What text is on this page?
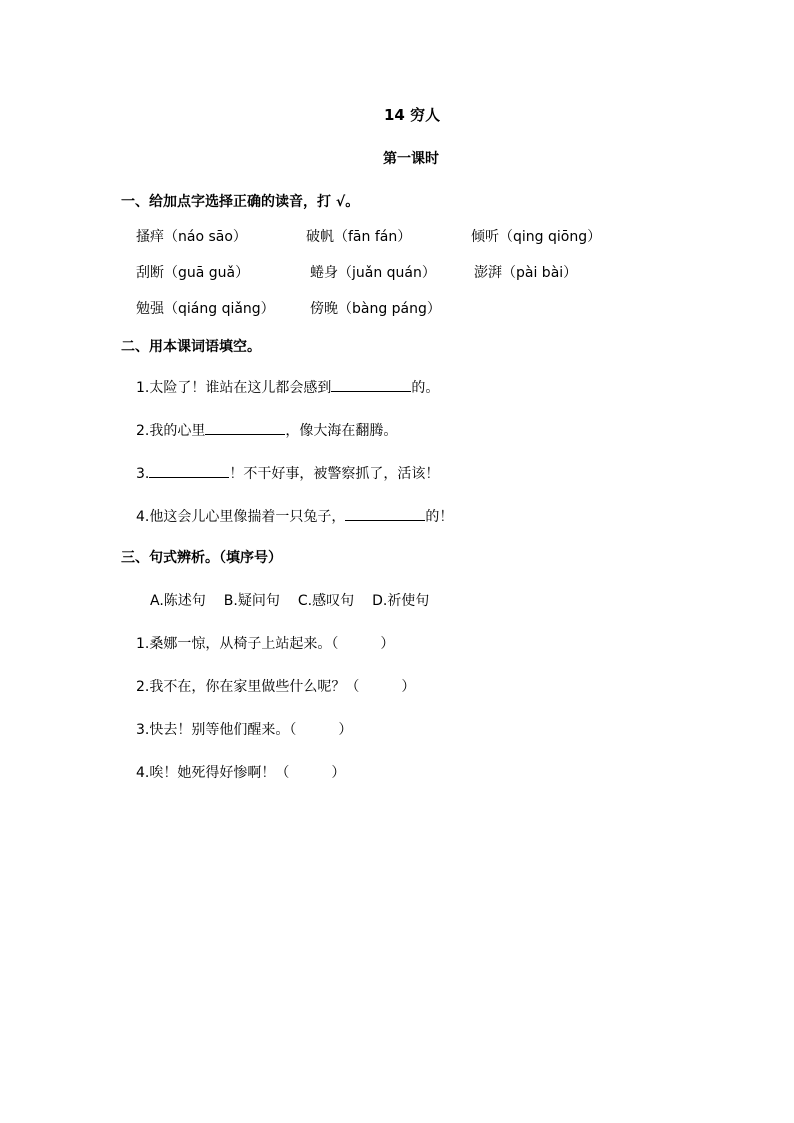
14 穷人
第一课时
一、给加点字选择正确的读音，打 √。
搔痒（náo sāo）	破帆（fān fán）	倾听（qing qiōng）
刮断（guā guǎ）	蜷身（juǎn quán）	澎湃（pài bài）
勉强（qiáng qiǎng）	傍晚（bàng páng）
二、用本课词语填空。
1.太险了！谁站在这儿都会感到	的。
2.我的心里	，像大海在翻腾。
3.	！不干好事，被警察抓了，活该！
4.他这会儿心里像揣着一只兔子，	的！
三、句式辨析。（填序号）
A.陈述句 B.疑问句 C.感叹句 D.祈使句
1.桑娜一惊，从椅子上站起来。（	）
2.我不在，你在家里做些什么呢？（	）
3.快去！别等他们醒来。（	）
4.唉！她死得好惨啊！（	）
